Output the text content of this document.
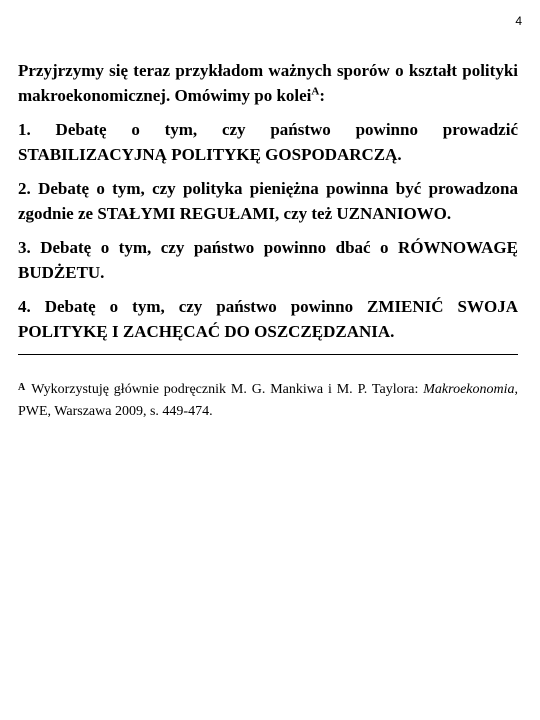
4

Przyjrzymy się teraz przykładom ważnych sporów o kształt polityki makroekonomicznej. Omówimy po kolei$^A$:

1. Debatę o tym, czy państwo powinno prowadzić STABILIZACYJNĄ POLITYKĘ GOSPODARCZĄ.

2. Debatę o tym, czy polityka pieniężna powinna być prowadzona zgodnie ze STAŁYMI REGUŁAMI, czy też UZNANIOWO.

3. Debatę o tym, czy państwo powinno dbać o RÓWNOWAGĘ BUDŻETU.

4. Debatę o tym, czy państwo powinno ZMIENIĆ SWOJA POLITYKĘ I ZACHĘCAĆ DO OSZCZĘDZANIA.

$^A$ Wykorzystuję głównie podręcznik M. G. Mankiwa i M. P. Taylora: Makroekonomia, PWE, Warszawa 2009, s. 449-474.
